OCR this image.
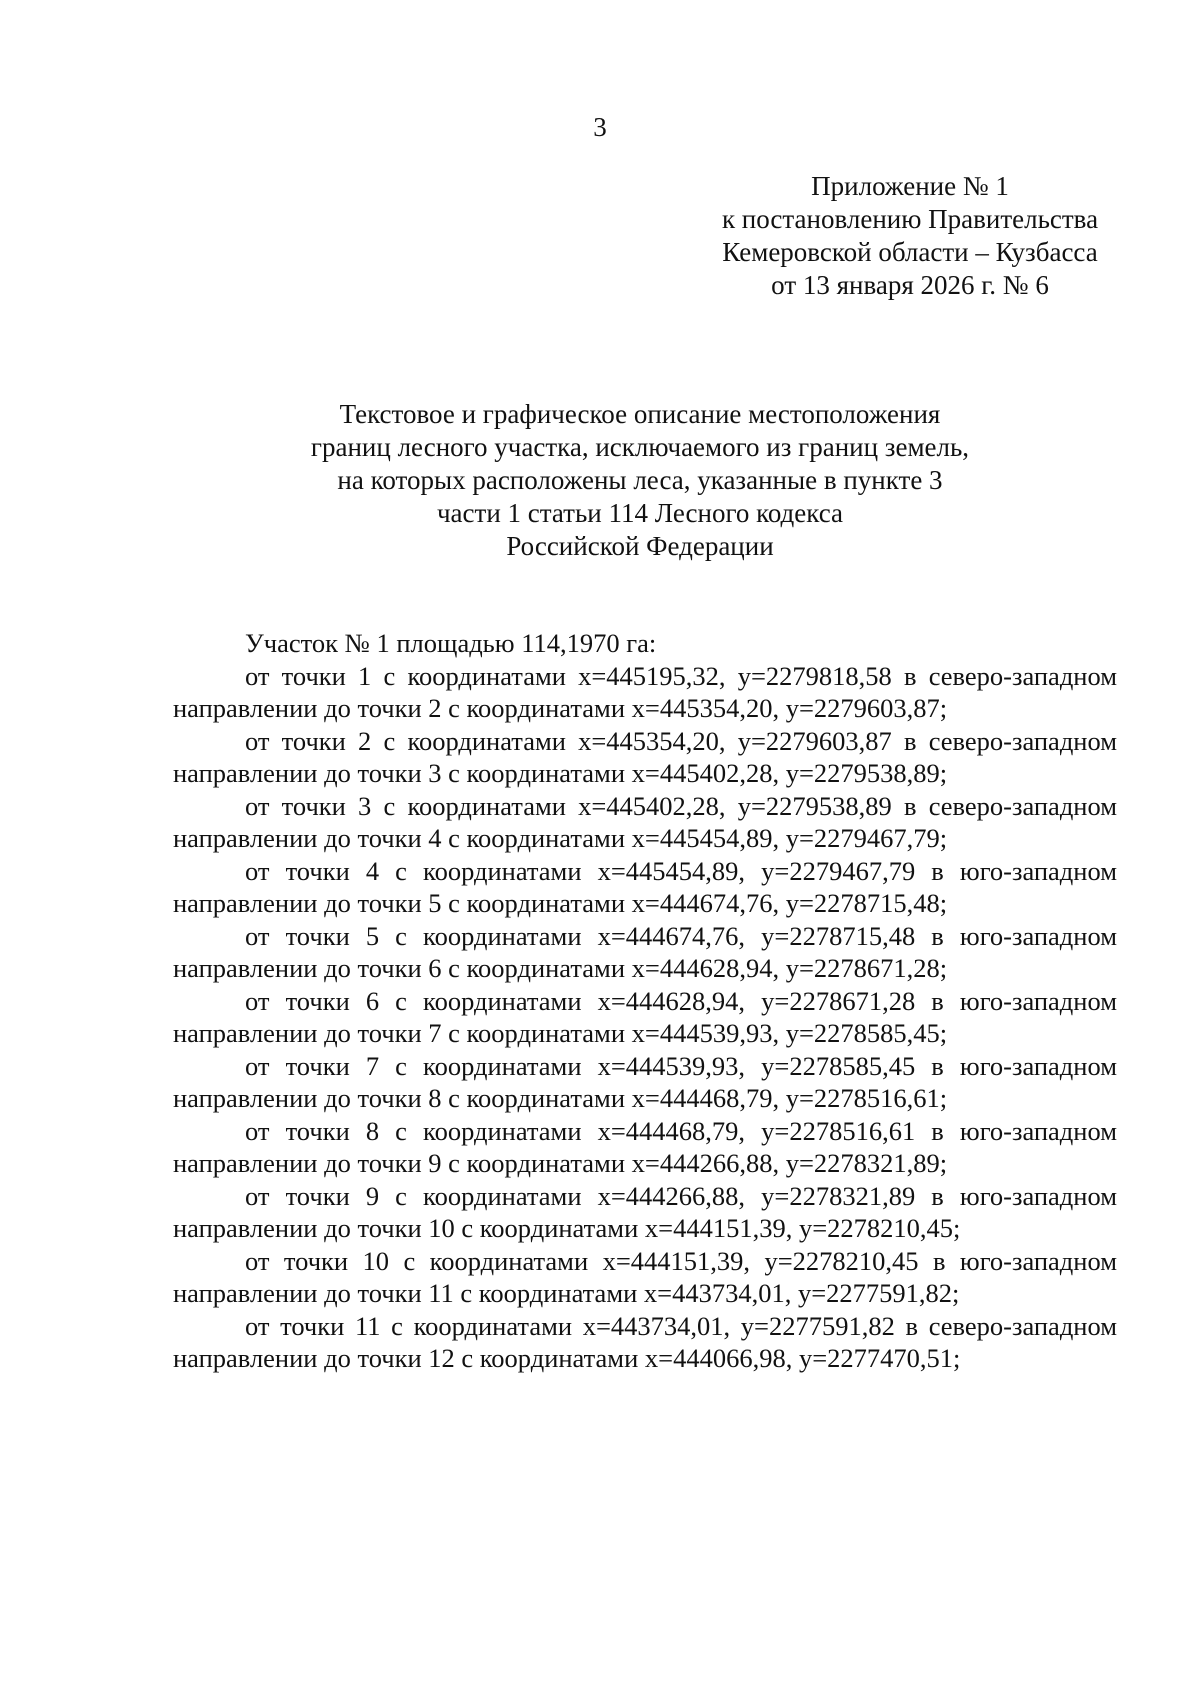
3
Приложение № 1
к постановлению Правительства
Кемеровской области – Кузбасса
от 13 января 2026 г. № 6
Текстовое и графическое описание местоположения
границ лесного участка, исключаемого из границ земель,
на которых расположены леса, указанные в пункте 3
части 1 статьи 114 Лесного кодекса
Российской Федерации
Участок № 1 площадью 114,1970 га:

от точки 1 с координатами х=445195,32, у=2279818,58 в северо-западном направлении до точки 2 с координатами х=445354,20, у=2279603,87;

от точки 2 с координатами х=445354,20, у=2279603,87 в северо-западном направлении до точки 3 с координатами х=445402,28, у=2279538,89;

от точки 3 с координатами х=445402,28, у=2279538,89 в северо-западном направлении до точки 4 с координатами х=445454,89, у=2279467,79;

от точки 4 с координатами х=445454,89, у=2279467,79 в юго-западном направлении до точки 5 с координатами х=444674,76, у=2278715,48;

от точки 5 с координатами х=444674,76, у=2278715,48 в юго-западном направлении до точки 6 с координатами х=444628,94, у=2278671,28;

от точки 6 с координатами х=444628,94, у=2278671,28 в юго-западном направлении до точки 7 с координатами х=444539,93, у=2278585,45;

от точки 7 с координатами х=444539,93, у=2278585,45 в юго-западном направлении до точки 8 с координатами х=444468,79, у=2278516,61;

от точки 8 с координатами х=444468,79, у=2278516,61 в юго-западном направлении до точки 9 с координатами х=444266,88, у=2278321,89;

от точки 9 с координатами х=444266,88, у=2278321,89 в юго-западном направлении до точки 10 с координатами х=444151,39, у=2278210,45;

от точки 10 с координатами х=444151,39, у=2278210,45 в юго-западном направлении до точки 11 с координатами х=443734,01, у=2277591,82;

от точки 11 с координатами х=443734,01, у=2277591,82 в северо-западном направлении до точки 12 с координатами х=444066,98, у=2277470,51;
